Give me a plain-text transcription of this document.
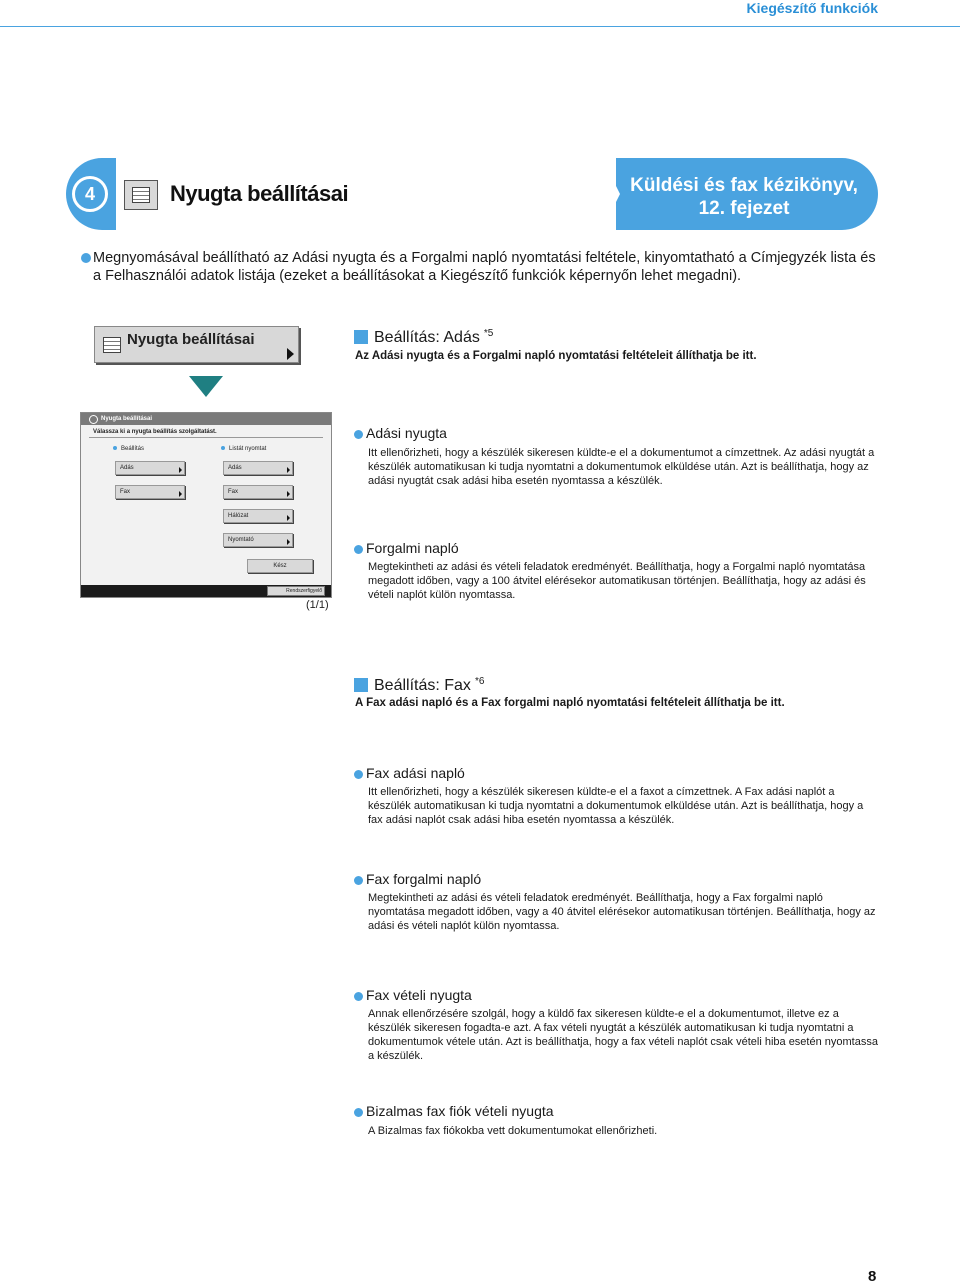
Kiegészítő funkciók
4	Nyugta beállításai	Küldési és fax kézikönyv, 12. fejezet
Megnyomásával beállítható az Adási nyugta és a Forgalmi napló nyomtatási feltétele, kinyomtatható a Címjegyzék lista és a Felhasználói adatok listája (ezeket a beállításokat a Kiegészítő funkciók képernyőn lehet megadni).
Nyugta beállításai
Nyugta beállításai
Válassza ki a nyugta beállítás szolgáltatást.
Beállítás	Listát nyomtat
Adás
Fax
Adás
Fax
Hálózat
Nyomtató
Kész
Rendszerfigyelő
(1/1)
Beállítás: Adás $^{*5}$
Az Adási nyugta és a Forgalmi napló nyomtatási feltételeit állíthatja be itt.
Adási nyugta
Itt ellenőrizheti, hogy a készülék sikeresen küldte-e el a dokumentumot a címzettnek. Az adási nyugtát a készülék automatikusan ki tudja nyomtatni a dokumentumok elküldése után. Azt is beállíthatja, hogy az adási nyugtát csak adási hiba esetén nyomtassa a készülék.
Forgalmi napló
Megtekintheti az adási és vételi feladatok eredményét. Beállíthatja, hogy a Forgalmi napló nyomtatása megadott időben, vagy a 100 átvitel elérésekor automatikusan történjen. Beállíthatja, hogy az adási és vételi naplót külön nyomtassa.
Beállítás: Fax $^{*6}$
A Fax adási napló és a Fax forgalmi napló nyomtatási feltételeit állíthatja be itt.
Fax adási napló
Itt ellenőrizheti, hogy a készülék sikeresen küldte-e el a faxot a címzettnek. A Fax adási naplót a készülék automatikusan ki tudja nyomtatni a dokumentumok elküldése után. Azt is beállíthatja, hogy a fax adási naplót csak adási hiba esetén nyomtassa a készülék.
Fax forgalmi napló
Megtekintheti az adási és vételi feladatok eredményét. Beállíthatja, hogy a Fax forgalmi napló nyomtatása megadott időben, vagy a 40 átvitel elérésekor automatikusan történjen. Beállíthatja, hogy az adási és vételi naplót külön nyomtassa.
Fax vételi nyugta
Annak ellenőrzésére szolgál, hogy a küldő fax sikeresen küldte-e el a dokumentumot, illetve ez a készülék sikeresen fogadta-e azt. A fax vételi nyugtát a készülék automatikusan ki tudja nyomtatni a dokumentumok vétele után. Azt is beállíthatja, hogy a fax vételi naplót csak vételi hiba esetén nyomtassa a készülék.
Bizalmas fax fiók vételi nyugta
A Bizalmas fax fiókokba vett dokumentumokat ellenőrizheti.
8
